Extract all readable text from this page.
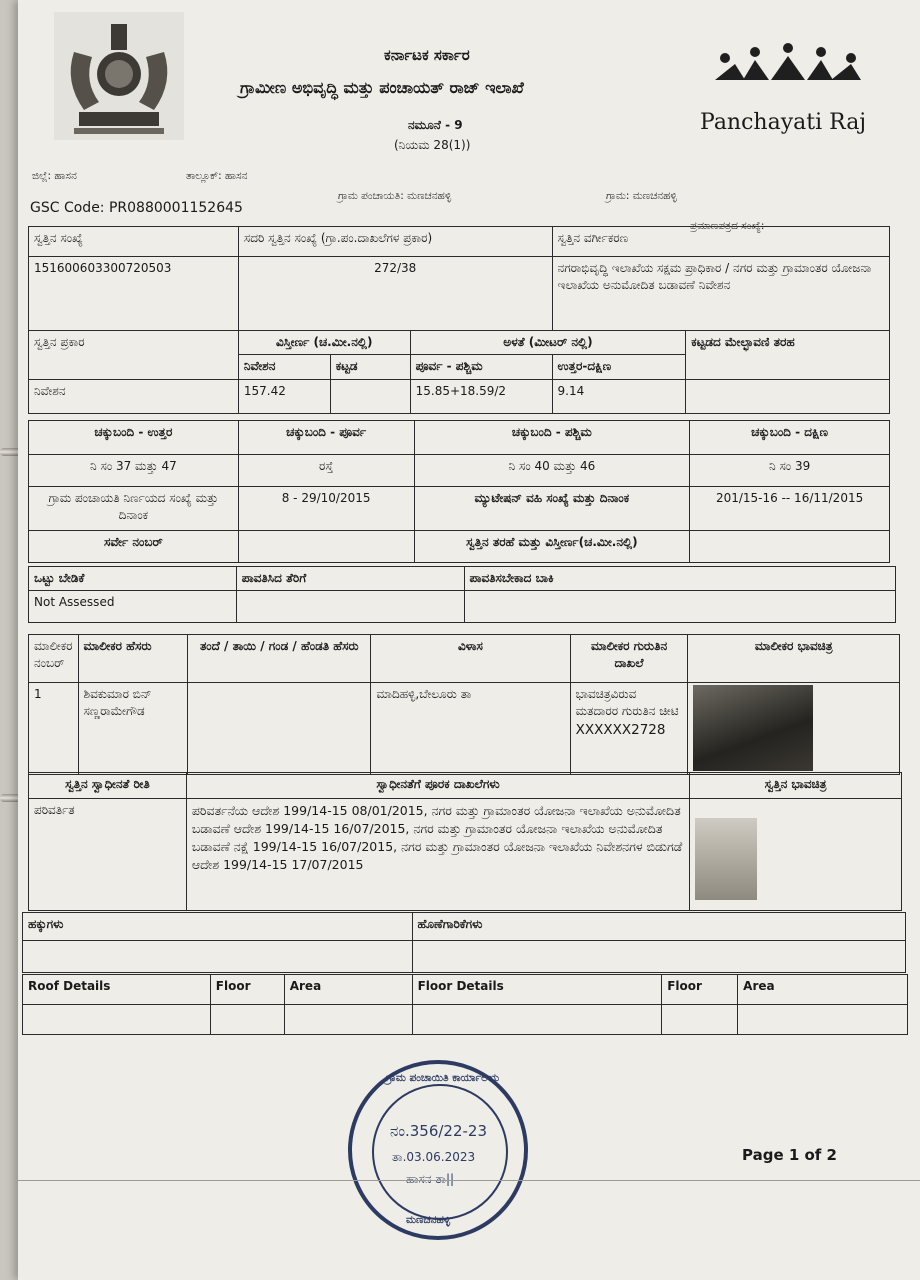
ಕರ್ನಾಟಕ ಸರ್ಕಾರ
ಗ್ರಾಮೀಣ ಅಭಿವೃದ್ಧಿ ಮತ್ತು ಪಂಚಾಯತ್ ರಾಜ್ ಇಲಾಖೆ
ನಮೂನೆ - 9
(ನಿಯಮ 28(1))
Panchayati Raj
ಜಿಲ್ಲೆ: ಹಾಸನ	ತಾಲ್ಲೂಕ್: ಹಾಸನ
ಗ್ರಾಮ ಪಂಚಾಯತಿ: ಮಣಚನಹಳ್ಳಿ	ಗ್ರಾಮ: ಮಣಚನಹಳ್ಳಿ
GSC Code: PR0880001152645
ಪ್ರಮಾಣಪತ್ರದ ಸಂಖ್ಯೆ:
ಸ್ವತ್ತಿನ ಸಂಖ್ಯೆ	ಸದರಿ ಸ್ವತ್ತಿನ ಸಂಖ್ಯೆ (ಗ್ರಾ.ಪಂ.ದಾಖಲೆಗಳ ಪ್ರಕಾರ)			ಸ್ವತ್ತಿನ ವರ್ಗೀಕರಣ	
151600603300720503	272/38			ನಗರಾಭಿವೃದ್ಧಿ ಇಲಾಖೆಯ ಸಕ್ಷಮ ಪ್ರಾಧಿಕಾರ / ನಗರ ಮತ್ತು ಗ್ರಾಮಾಂತರ ಯೋಜನಾ ಇಲಾಖೆಯ ಅನುಮೋದಿತ ಬಡಾವಣೆ ನಿವೇಶನ	
ಸ್ವತ್ತಿನ ಪ್ರಕಾರ	ವಿಸ್ತೀರ್ಣ (ಚ.ಮೀ.ನಲ್ಲಿ)		ಅಳತೆ (ಮೀಟರ್ ನಲ್ಲಿ)		ಕಟ್ಟಡದ ಮೇಲ್ಛಾವಣಿ ತರಹ
	ನಿವೇಶನ	ಕಟ್ಟಡ	ಪೂರ್ವ - ಪಶ್ಚಿಮ	ಉತ್ತರ-ದಕ್ಷಿಣ	
ನಿವೇಶನ	157.42		15.85+18.59/2	9.14	
ಚಕ್ಕುಬಂದಿ - ಉತ್ತರ	ಚಕ್ಕುಬಂದಿ - ಪೂರ್ವ	ಚಕ್ಕುಬಂದಿ - ಪಶ್ಚಿಮ	ಚಕ್ಕುಬಂದಿ - ದಕ್ಷಿಣ
ನಿ ಸಂ 37 ಮತ್ತು 47	ರಸ್ತೆ	ನಿ ಸಂ 40 ಮತ್ತು 46	ನಿ ಸಂ 39
ಗ್ರಾಮ ಪಂಚಾಯತಿ ನಿರ್ಣಯದ ಸಂಖ್ಯೆ ಮತ್ತು ದಿನಾಂಕ	8 - 29/10/2015	ಮ್ಯುಟೇಷನ್ ವಹಿ ಸಂಖ್ಯೆ ಮತ್ತು ದಿನಾಂಕ	201/15-16 -- 16/11/2015
ಸರ್ವೇ ನಂಬರ್		ಸ್ವತ್ತಿನ ತರಹೆ ಮತ್ತು ವಿಸ್ತೀರ್ಣ(ಚ.ಮೀ.ನಲ್ಲಿ)	
ಒಟ್ಟು ಬೇಡಿಕೆ	ಪಾವತಿಸಿದ ತೆರಿಗೆ	ಪಾವತಿಸಬೇಕಾದ ಬಾಕಿ
Not Assessed		
ಮಾಲೀಕರ ನಂಬರ್	ಮಾಲೀಕರ ಹೆಸರು	ತಂದೆ / ತಾಯಿ / ಗಂಡ / ಹೆಂಡತಿ ಹೆಸರು	ವಿಳಾಸ	ಮಾಲೀಕರ ಗುರುತಿನ ದಾಖಲೆ	ಮಾಲೀಕರ ಭಾವಚಿತ್ರ
1	ಶಿವಕುಮಾರ ಬಿನ್ ಸಣ್ಣರಾಮೇಗೌಡ		ಮಾದಿಹಳ್ಳಿ,ಬೇಲೂರು ತಾ	ಭಾವಚಿತ್ರವಿರುವ ಮತದಾರರ ಗುರುತಿನ ಚೀಟಿ
XXXXXX2728	

ಸ್ವತ್ತಿನ ಸ್ವಾಧೀನತೆ ರೀತಿ	ಸ್ವಾಧೀನತೆಗೆ ಪೂರಕ ದಾಖಲೆಗಳು	ಸ್ವತ್ತಿನ ಭಾವಚಿತ್ರ
ಪರಿವರ್ತಿತ	ಪರಿವರ್ತನೆಯ ಆದೇಶ 199/14-15 08/01/2015, ನಗರ ಮತ್ತು ಗ್ರಾಮಾಂತರ ಯೋಜನಾ ಇಲಾಖೆಯ ಅನುಮೋದಿತ ಬಡಾವಣೆ ಆದೇಶ 199/14-15 16/07/2015, ನಗರ ಮತ್ತು ಗ್ರಾಮಾಂತರ ಯೋಜನಾ ಇಲಾಖೆಯ ಅನುಮೋದಿತ ಬಡಾವಣೆ ನಕ್ಷೆ 199/14-15 16/07/2015, ನಗರ ಮತ್ತು ಗ್ರಾಮಾಂತರ ಯೋಜನಾ ಇಲಾಖೆಯ ನಿವೇಶನಗಳ ಬಿಡುಗಡೆ ಆದೇಶ 199/14-15 17/07/2015	
ಹಕ್ಕುಗಳು	ಹೊಣೆಗಾರಿಕೆಗಳು

Roof Details	Floor	Area	Floor Details	Floor	Area

ಗ್ರಾಮ ಪಂಚಾಯಿತಿ ಕಾರ್ಯಾಲಯ
ನಂ.356/22-23
ತಾ.03.06.2023
ಹಾಸನ ತಾ||
ಮಣಚನಹಳ್ಳಿ
Page 1 of 2
